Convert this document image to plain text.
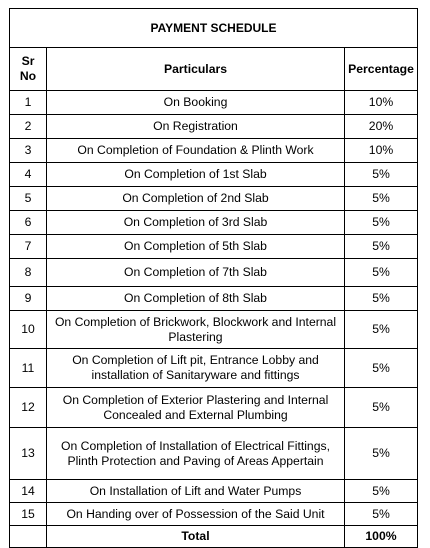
PAYMENT SCHEDULE		
Sr
No	Particulars	Percentage
1	On Booking	10%
2	On Registration	20%
3	On Completion of Foundation & Plinth Work	10%
4	On Completion of 1st Slab	5%
5	On Completion of 2nd Slab	5%
6	On Completion of 3rd Slab	5%
7	On Completion of 5th Slab	5%
8	On Completion of 7th Slab	5%
9	On Completion of 8th Slab	5%
10	On Completion of Brickwork, Blockwork and Internal Plastering	5%
11	On Completion of Lift pit, Entrance Lobby and installation of Sanitaryware and fittings	5%
12	On Completion of Exterior Plastering and Internal Concealed and External Plumbing	5%
13	On Completion of Installation of Electrical Fittings, Plinth Protection and Paving of Areas Appertain	5%
14	On Installation of Lift and Water Pumps	5%
15	On Handing over of Possession of the Said Unit	5%
	Total	100%
